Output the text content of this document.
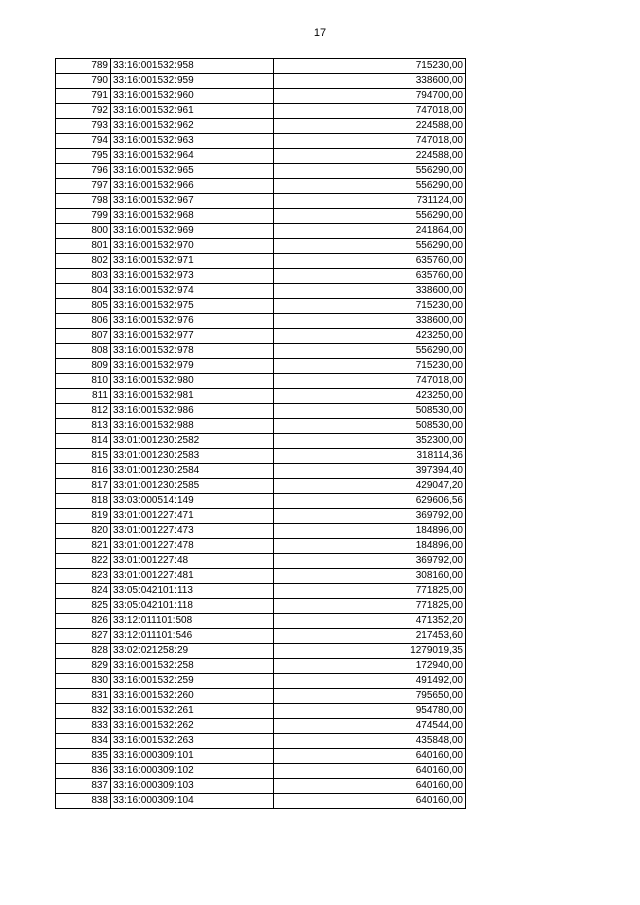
17
789	33:16:001532:958	715230,00
790	33:16:001532:959	338600,00
791	33:16:001532:960	794700,00
792	33:16:001532:961	747018,00
793	33:16:001532:962	224588,00
794	33:16:001532:963	747018,00
795	33:16:001532:964	224588,00
796	33:16:001532:965	556290,00
797	33:16:001532:966	556290,00
798	33:16:001532:967	731124,00
799	33:16:001532:968	556290,00
800	33:16:001532:969	241864,00
801	33:16:001532:970	556290,00
802	33:16:001532:971	635760,00
803	33:16:001532:973	635760,00
804	33:16:001532:974	338600,00
805	33:16:001532:975	715230,00
806	33:16:001532:976	338600,00
807	33:16:001532:977	423250,00
808	33:16:001532:978	556290,00
809	33:16:001532:979	715230,00
810	33:16:001532:980	747018,00
811	33:16:001532:981	423250,00
812	33:16:001532:986	508530,00
813	33:16:001532:988	508530,00
814	33:01:001230:2582	352300,00
815	33:01:001230:2583	318114,36
816	33:01:001230:2584	397394,40
817	33:01:001230:2585	429047,20
818	33:03:000514:149	629606,56
819	33:01:001227:471	369792,00
820	33:01:001227:473	184896,00
821	33:01:001227:478	184896,00
822	33:01:001227:48	369792,00
823	33:01:001227:481	308160,00
824	33:05:042101:113	771825,00
825	33:05:042101:118	771825,00
826	33:12:011101:508	471352,20
827	33:12:011101:546	217453,60
828	33:02:021258:29	1279019,35
829	33:16:001532:258	172940,00
830	33:16:001532:259	491492,00
831	33:16:001532:260	795650,00
832	33:16:001532:261	954780,00
833	33:16:001532:262	474544,00
834	33:16:001532:263	435848,00
835	33:16:000309:101	640160,00
836	33:16:000309:102	640160,00
837	33:16:000309:103	640160,00
838	33:16:000309:104	640160,00
